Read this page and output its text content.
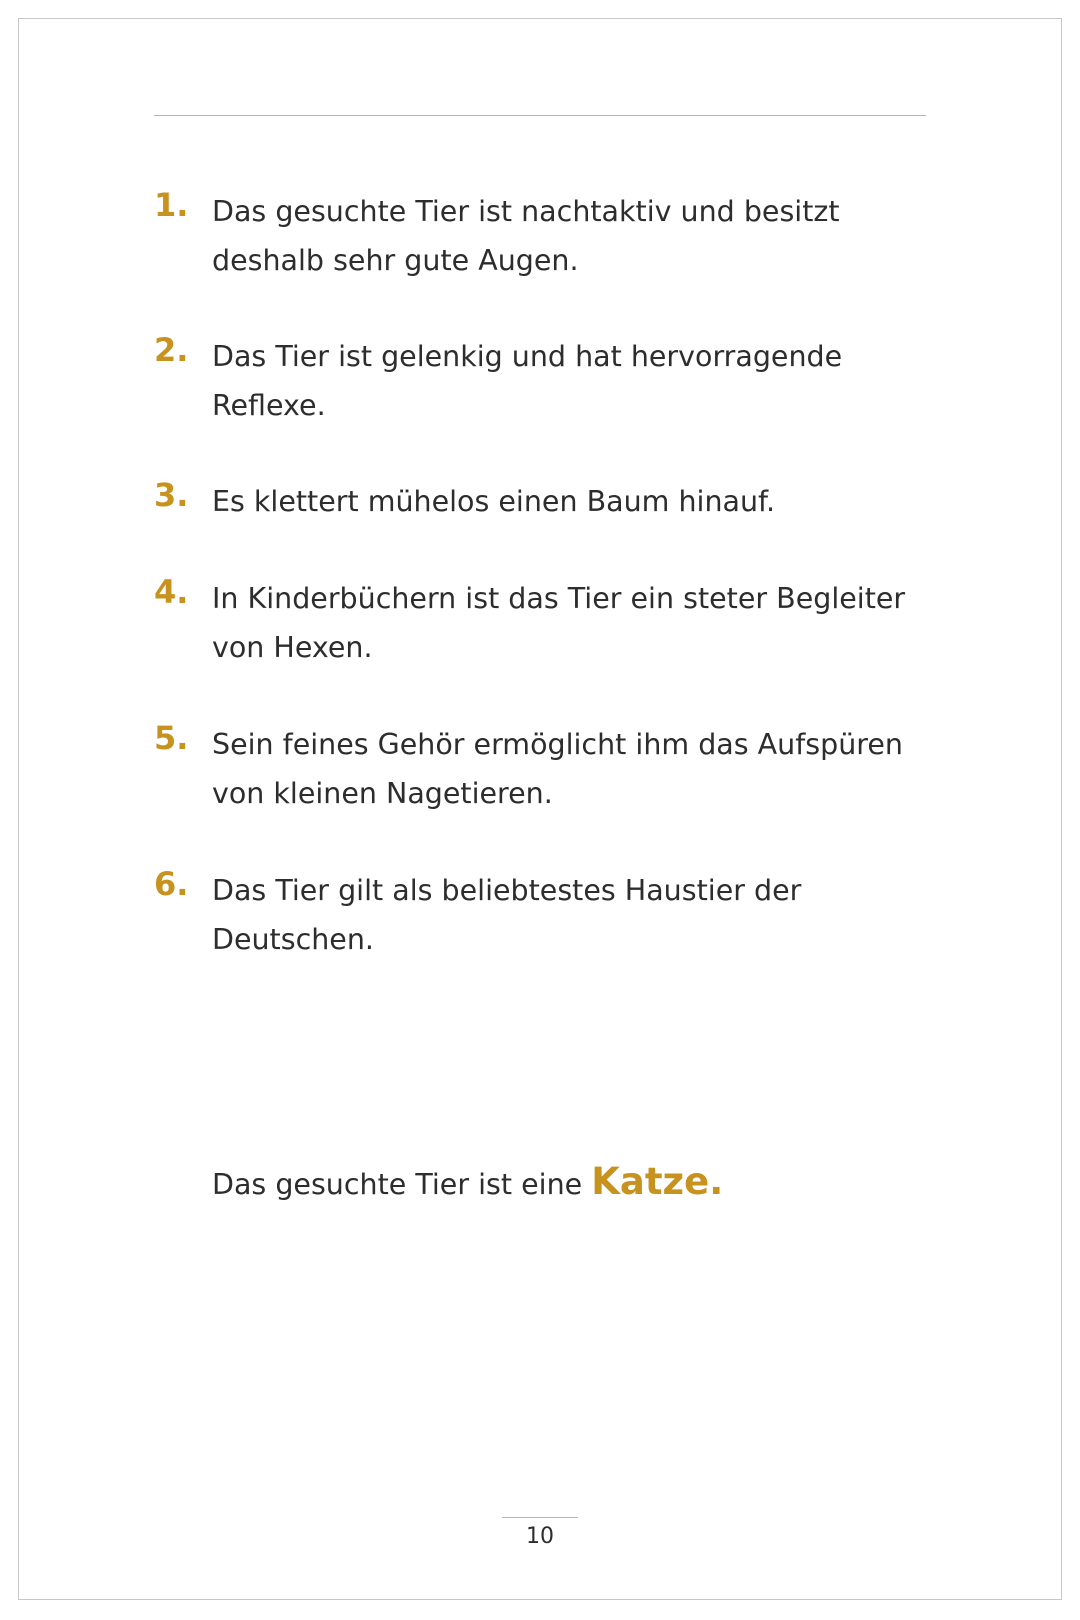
1. Das gesuchte Tier ist nachtaktiv und besitzt deshalb sehr gute Augen.
2. Das Tier ist gelenkig und hat hervorragende Reflexe.
3. Es klettert mühelos einen Baum hinauf.
4. In Kinderbüchern ist das Tier ein steter Begleiter von Hexen.
5. Sein feines Gehör ermöglicht ihm das Aufspüren von kleinen Nagetieren.
6. Das Tier gilt als beliebtestes Haustier der Deutschen.
Das gesuchte Tier ist eine Katze.
10
